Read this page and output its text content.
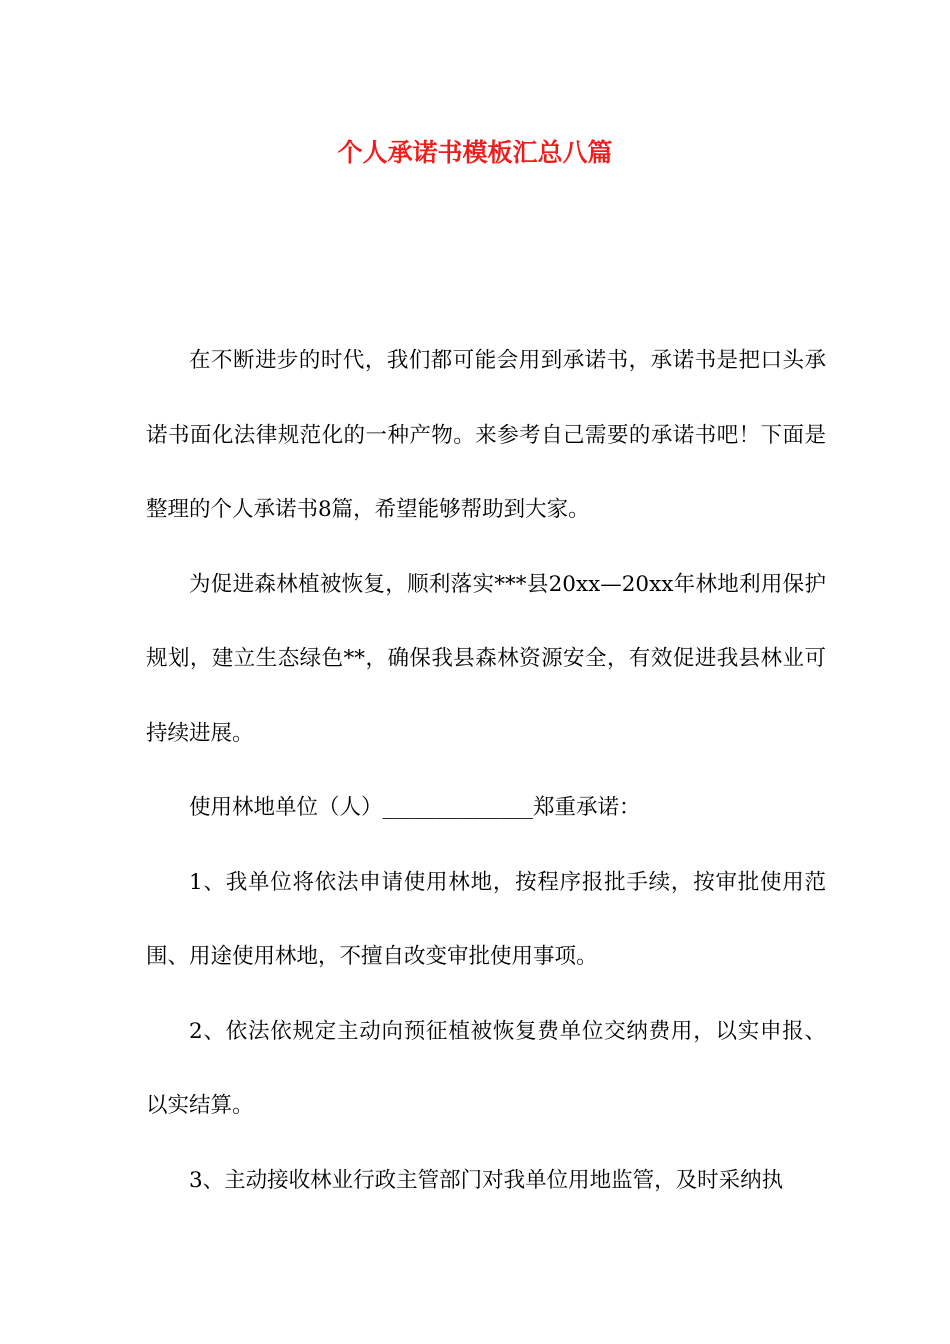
个人承诺书模板汇总八篇

在不断进步的时代，我们都可能会用到承诺书，承诺书是把口头承诺书面化法律规范化的一种产物。来参考自己需要的承诺书吧！下面是整理的个人承诺书8篇，希望能够帮助到大家。

为促进森林植被恢复，顺利落实***县20xx—20xx年林地利用保护规划，建立生态绿色**，确保我县森林资源安全，有效促进我县林业可持续进展。

使用林地单位（人）______________郑重承诺：

1、我单位将依法申请使用林地，按程序报批手续，按审批使用范围、用途使用林地，不擅自改变审批使用事项。

2、依法依规定主动向预征植被恢复费单位交纳费用，以实申报、以实结算。

3、主动接收林业行政主管部门对我单位用地监管，及时采纳执
